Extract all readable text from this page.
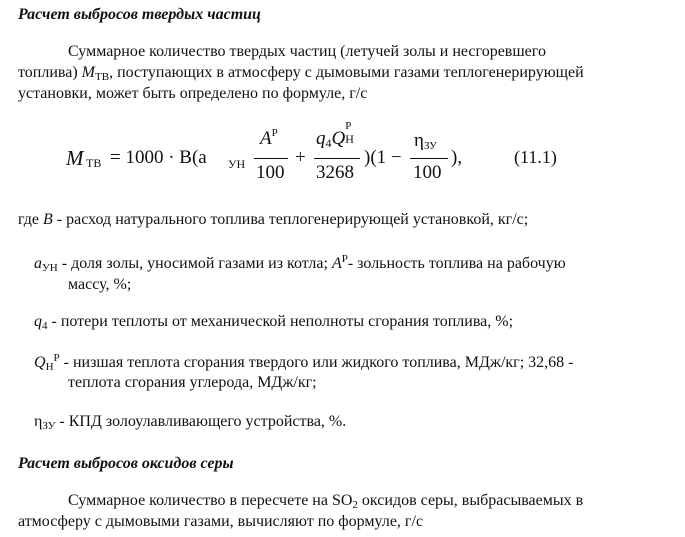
Расчет выбросов твердых частиц
Суммарное количество твердых частиц (летучей золы и несгоревшего
топлива) MТВ, поступающих в атмосферу с дымовыми газами теплогенерирующей
установки, может быть определено по формуле, г/с
M ТВ = 1000 · B(a УН
$A^Р$
100
+
q4Q
Р
Н
3268
)(1 −
ηЗУ
100
),	(11.1)
где B - расход натурального топлива теплогенерирующей установкой, кг/с;
aУН - доля золы, уносимой газами из котла; $A^Р-$ зольность топлива на рабочую
массу, %;
q4 - потери теплоты от механической неполноты сгорания топлива, %;
$QН^Р$ - низшая теплота сгорания твердого или жидкого топлива, МДж/кг; 32,68 -
теплота сгорания углерода, МДж/кг;
ηЗУ - КПД золоулавливающего устройства, %.
Расчет выбросов оксидов серы
Суммарное количество в пересчете на SO2 оксидов серы, выбрасываемых в
атмосферу с дымовыми газами, вычисляют по формуле, г/с
